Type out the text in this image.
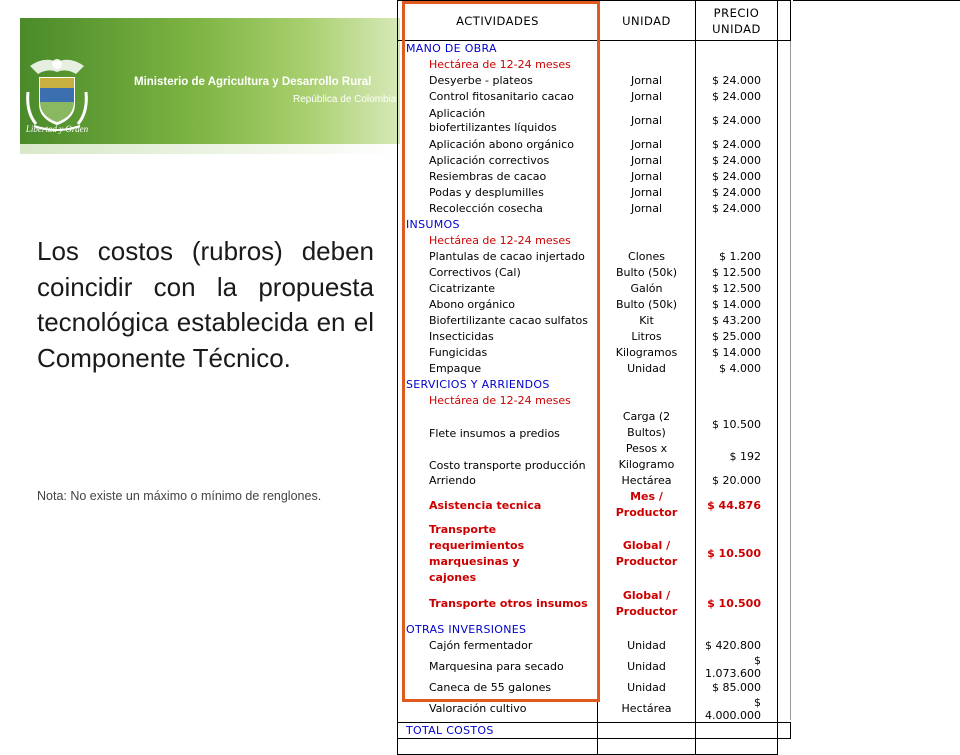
Libertad y Orden
Ministerio de Agricultura y Desarrollo Rural
República de Colombia

Los costos (rubros) deben coincidir con la propuesta tecnológica establecida en el Componente Técnico.

Nota: No existe un máximo o mínimo de renglones.

ACTIVIDADES	UNIDAD	PRECIO
UNIDAD	
MANO DE OBRA			
Hectárea de 12-24 meses			
Desyerbe - plateos	Jornal	$ 24.000	
Control fitosanitario cacao	Jornal	$ 24.000	
Aplicación biofertilizantes líquidos	Jornal	$ 24.000	
Aplicación abono orgánico	Jornal	$ 24.000	
Aplicación correctivos	Jornal	$ 24.000	
Resiembras de cacao	Jornal	$ 24.000	
Podas y desplumilles	Jornal	$ 24.000	
Recolección cosecha	Jornal	$ 24.000	
INSUMOS			
Hectárea de 12-24 meses			
Plantulas de cacao injertado	Clones	$ 1.200	
Correctivos (Cal)	Bulto (50k)	$ 12.500	
Cicatrizante	Galón	$ 12.500	
Abono orgánico	Bulto (50k)	$ 14.000	
Biofertilizante cacao sulfatos	Kit	$ 43.200	
Insecticidas	Litros	$ 25.000	
Fungicidas	Kilogramos	$ 14.000	
Empaque	Unidad	$ 4.000	
SERVICIOS Y ARRIENDOS			
Hectárea de 12-24 meses			
Flete insumos a predios	Carga (2 Bultos)	$ 10.500	
Costo transporte producción	Pesos x Kilogramo	$ 192	
Arriendo	Hectárea	$ 20.000	
Asistencia tecnica	Mes / Productor	$ 44.876	
Transporte requerimientos marquesinas y cajones	Global / Productor	$ 10.500	
Transporte otros insumos	Global / Productor	$ 10.500	
OTRAS INVERSIONES			
Cajón fermentador	Unidad	$ 420.800	
Marquesina para secado	Unidad	$ 1.073.600	
Caneca de 55 galones	Unidad	$ 85.000	
Valoración cultivo	Hectárea	$ 4.000.000	
TOTAL COSTOS			
